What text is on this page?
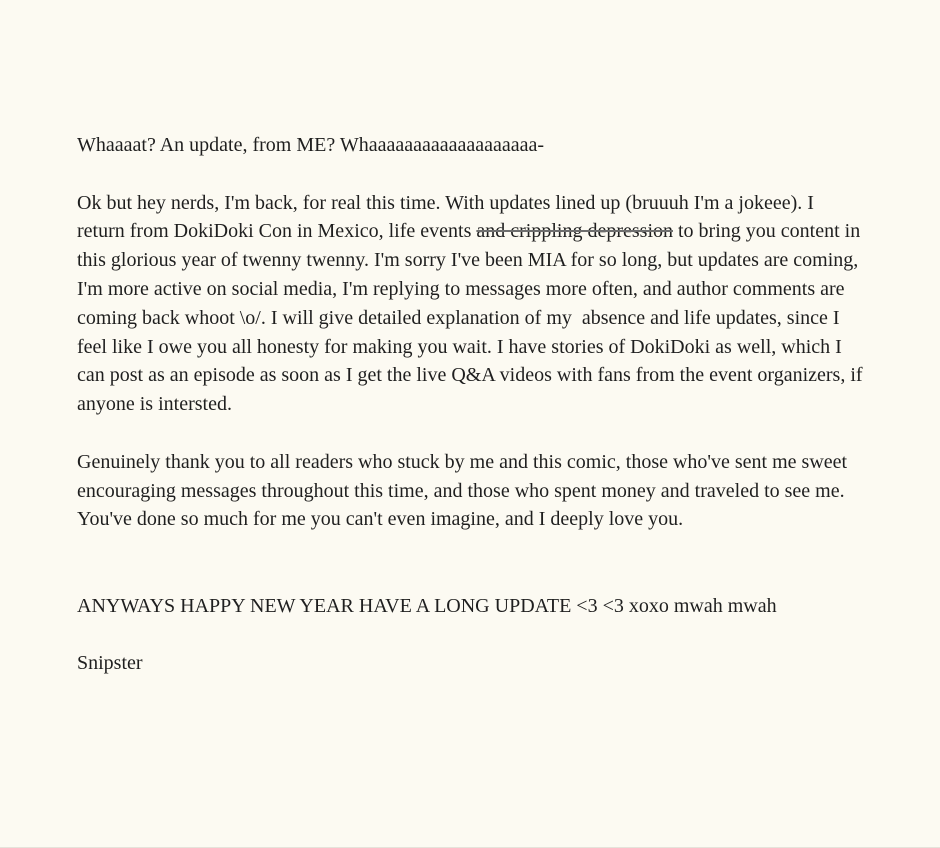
Whaaaat? An update, from ME? Whaaaaaaaaaaaaaaaaaaa-

Ok but hey nerds, I'm back, for real this time. With updates lined up (bruuuh I'm a jokeee). I return from DokiDoki Con in Mexico, life events and crippling depression to bring you content in this glorious year of twenny twenny. I'm sorry I've been MIA for so long, but updates are coming, I'm more active on social media, I'm replying to messages more often, and author comments are coming back whoot \o/. I will give detailed explanation of my  absence and life updates, since I feel like I owe you all honesty for making you wait. I have stories of DokiDoki as well, which I can post as an episode as soon as I get the live Q&A videos with fans from the event organizers, if anyone is intersted.

Genuinely thank you to all readers who stuck by me and this comic, those who've sent me sweet encouraging messages throughout this time, and those who spent money and traveled to see me. You've done so much for me you can't even imagine, and I deeply love you.

ANYWAYS HAPPY NEW YEAR HAVE A LONG UPDATE <3 <3 xoxo mwah mwah

Snipster
